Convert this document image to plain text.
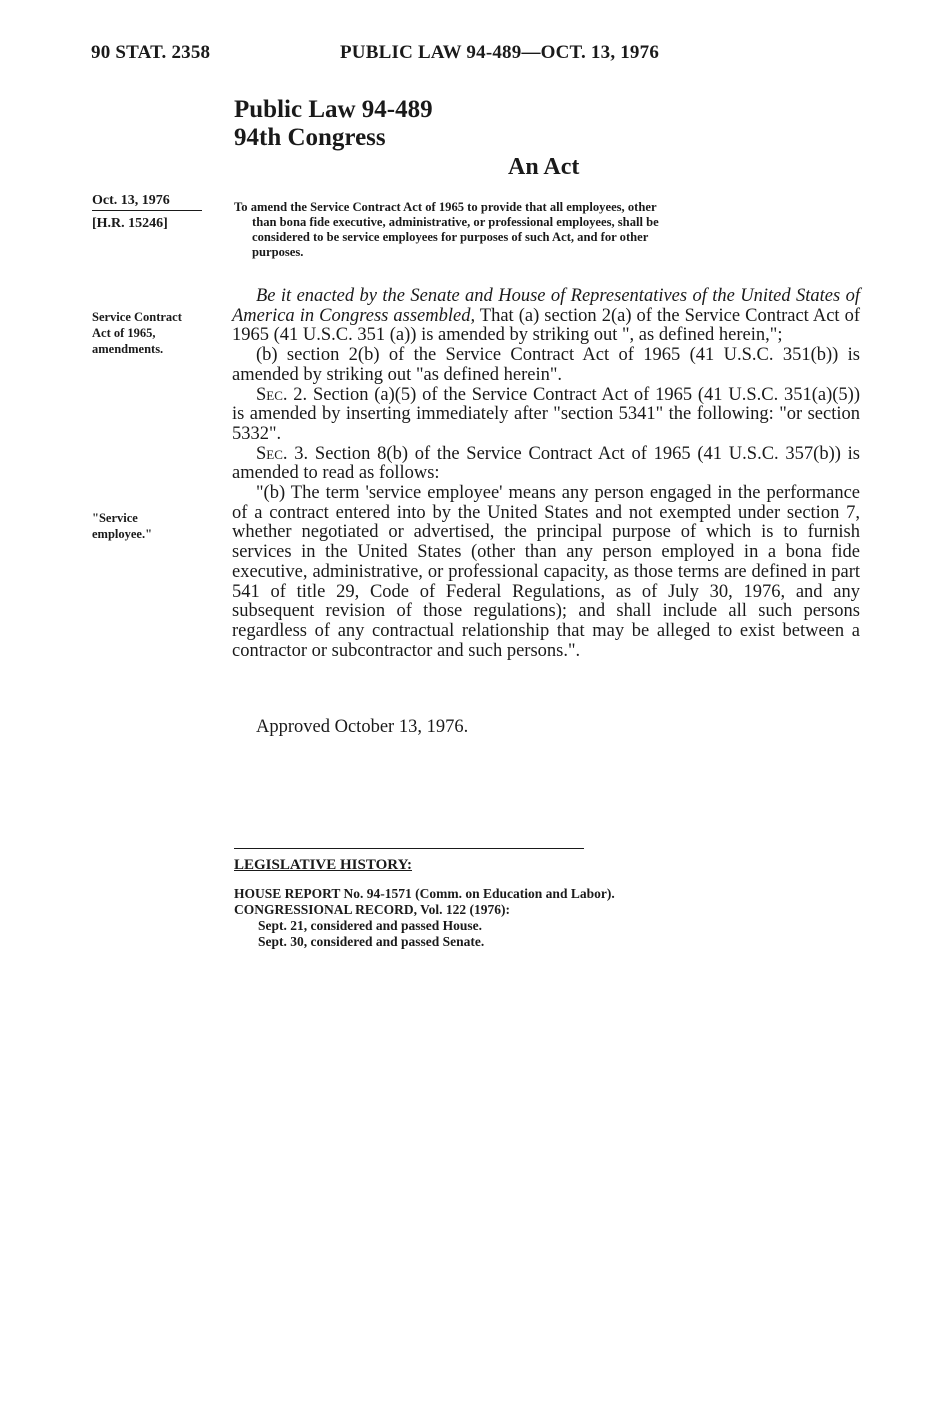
90 STAT. 2358	PUBLIC LAW 94-489—OCT. 13, 1976
Public Law 94-489
94th Congress
An Act
Oct. 13, 1976
[H.R. 15246]
To amend the Service Contract Act of 1965 to provide that all employees, other
than bona fide executive, administrative, or professional employees, shall be
considered to be service employees for purposes of such Act, and for other
purposes.
Service Contract
Act of 1965,
amendments.
"Service
employee."

Be it enacted by the Senate and House of Representatives of the United States of America in Congress assembled, That (a) section 2(a) of the Service Contract Act of 1965 (41 U.S.C. 351 (a)) is amended by striking out ", as defined herein,";

(b) section 2(b) of the Service Contract Act of 1965 (41 U.S.C. 351(b)) is amended by striking out "as defined herein".

Sec. 2. Section (a)(5) of the Service Contract Act of 1965 (41 U.S.C. 351(a)(5)) is amended by inserting immediately after "section 5341" the following: "or section 5332".

Sec. 3. Section 8(b) of the Service Contract Act of 1965 (41 U.S.C. 357(b)) is amended to read as follows:

"(b) The term 'service employee' means any person engaged in the performance of a contract entered into by the United States and not exempted under section 7, whether negotiated or advertised, the principal purpose of which is to furnish services in the United States (other than any person employed in a bona fide executive, administrative, or professional capacity, as those terms are defined in part 541 of title 29, Code of Federal Regulations, as of July 30, 1976, and any subsequent revision of those regulations); and shall include all such persons regardless of any contractual relationship that may be alleged to exist between a contractor or subcontractor and such persons.".

Approved October 13, 1976.
LEGISLATIVE HISTORY:
HOUSE REPORT No. 94-1571 (Comm. on Education and Labor).
CONGRESSIONAL RECORD, Vol. 122 (1976):
Sept. 21, considered and passed House.
Sept. 30, considered and passed Senate.
